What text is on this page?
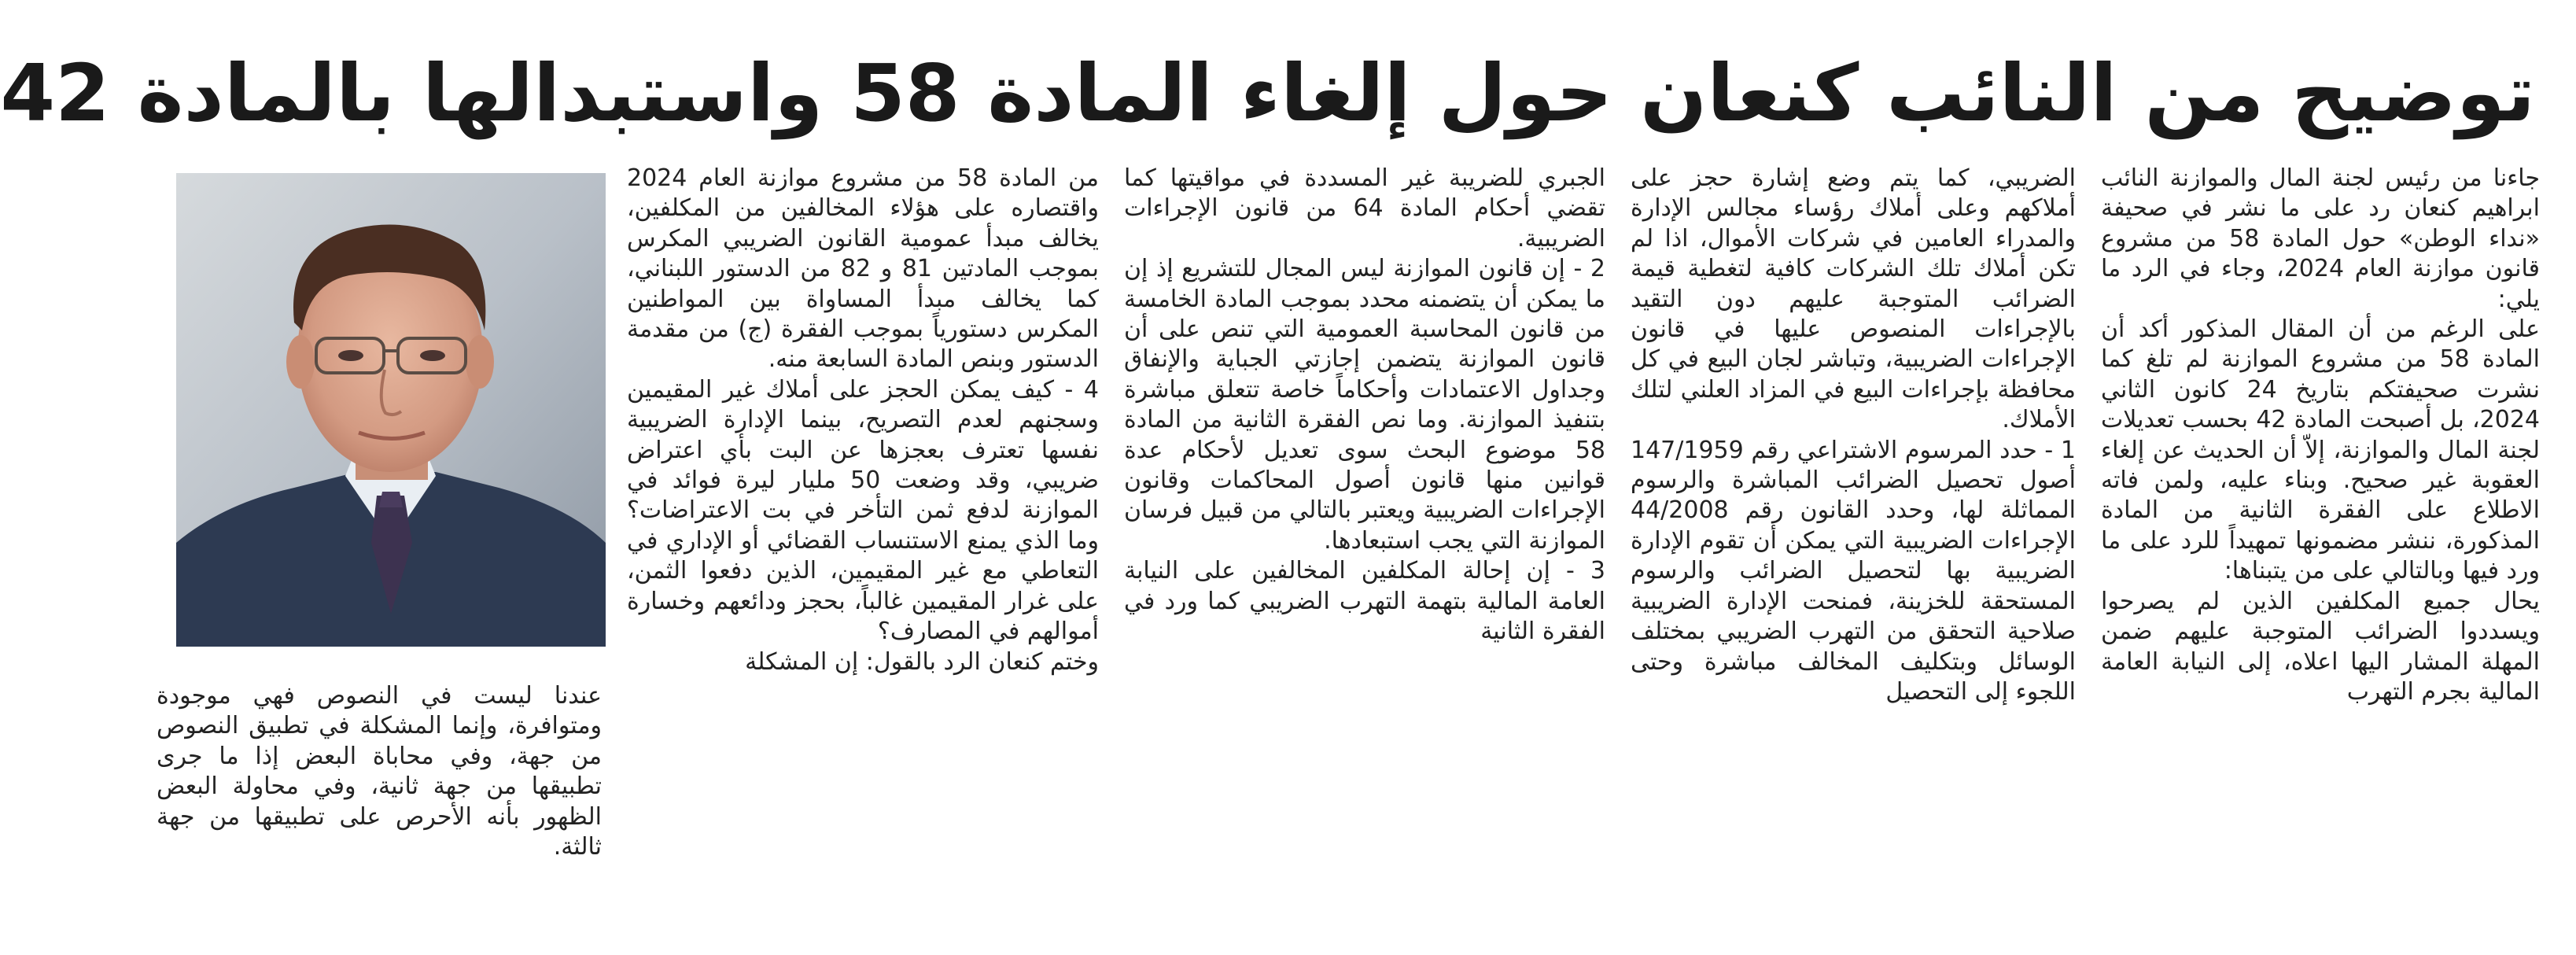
توضيح من النائب كنعان حول إلغاء المادة 58 واستبدالها بالمادة 42

جاءنا من رئيس لجنة المال والموازنة النائب ابراهيم كنعان رد على ما نشر في صحيفة «نداء الوطن» حول المادة 58 من مشروع قانون موازنة العام 2024، وجاء في الرد ما يلي:

على الرغم من أن المقال المذكور أكد أن المادة 58 من مشروع الموازنة لم تلغ كما نشرت صحيفتكم بتاريخ 24 كانون الثاني 2024، بل أصبحت المادة 42 بحسب تعديلات لجنة المال والموازنة، إلاّ أن الحديث عن إلغاء العقوبة غير صحيح. وبناء عليه، ولمن فاته الاطلاع على الفقرة الثانية من المادة المذكورة، ننشر مضمونها تمهيداً للرد على ما ورد فيها وبالتالي على من يتبناها:

يحال جميع المكلفين الذين لم يصرحوا ويسددوا الضرائب المتوجبة عليهم ضمن المهلة المشار اليها اعلاه، إلى النيابة العامة المالية بجرم التهرب

الضريبي، كما يتم وضع إشارة حجز على أملاكهم وعلى أملاك رؤساء مجالس الإدارة والمدراء العامين في شركات الأموال، اذا لم تكن أملاك تلك الشركات كافية لتغطية قيمة الضرائب المتوجبة عليهم دون التقيد بالإجراءات المنصوص عليها في قانون الإجراءات الضريبية، وتباشر لجان البيع في كل محافظة بإجراءات البيع في المزاد العلني لتلك الأملاك.

1 - حدد المرسوم الاشتراعي رقم 147/1959 أصول تحصيل الضرائب المباشرة والرسوم المماثلة لها، وحدد القانون رقم 44/2008 الإجراءات الضريبية التي يمكن أن تقوم الإدارة الضريبية بها لتحصيل الضرائب والرسوم المستحقة للخزينة، فمنحت الإدارة الضريبية صلاحية التحقق من التهرب الضريبي بمختلف الوسائل وبتكليف المخالف مباشرة وحتى اللجوء إلى التحصيل

الجبري للضريبة غير المسددة في مواقيتها كما تقضي أحكام المادة 64 من قانون الإجراءات الضريبية.

2 - إن قانون الموازنة ليس المجال للتشريع إذ إن ما يمكن أن يتضمنه محدد بموجب المادة الخامسة من قانون المحاسبة العمومية التي تنص على أن قانون الموازنة يتضمن إجازتي الجباية والإنفاق وجداول الاعتمادات وأحكاماً خاصة تتعلق مباشرة بتنفيذ الموازنة. وما نص الفقرة الثانية من المادة 58 موضوع البحث سوى تعديل لأحكام عدة قوانين منها قانون أصول المحاكمات وقانون الإجراءات الضريبية ويعتبر بالتالي من قبيل فرسان الموازنة التي يجب استبعادها.

3 - إن إحالة المكلفين المخالفين على النيابة العامة المالية بتهمة التهرب الضريبي كما ورد في الفقرة الثانية

من المادة 58 من مشروع موازنة العام 2024 واقتصاره على هؤلاء المخالفين من المكلفين، يخالف مبدأ عمومية القانون الضريبي المكرس بموجب المادتين 81 و 82 من الدستور اللبناني، كما يخالف مبدأ المساواة بين المواطنين المكرس دستورياً بموجب الفقرة (ج) من مقدمة الدستور وبنص المادة السابعة منه.

4 - كيف يمكن الحجز على أملاك غير المقيمين وسجنهم لعدم التصريح، بينما الإدارة الضريبية نفسها تعترف بعجزها عن البت بأي اعتراض ضريبي، وقد وضعت 50 مليار ليرة فوائد في الموازنة لدفع ثمن التأخر في بت الاعتراضات؟ وما الذي يمنع الاستنساب القضائي أو الإداري في التعاطي مع غير المقيمين، الذين دفعوا الثمن، على غرار المقيمين غالباً، بحجز ودائعهم وخسارة أموالهم في المصارف؟

وختم كنعان الرد بالقول: إن المشكلة

عندنا ليست في النصوص فهي موجودة ومتوافرة، وإنما المشكلة في تطبيق النصوص من جهة، وفي محاباة البعض إذا ما جرى تطبيقها من جهة ثانية، وفي محاولة البعض الظهور بأنه الأحرص على تطبيقها من جهة ثالثة.
